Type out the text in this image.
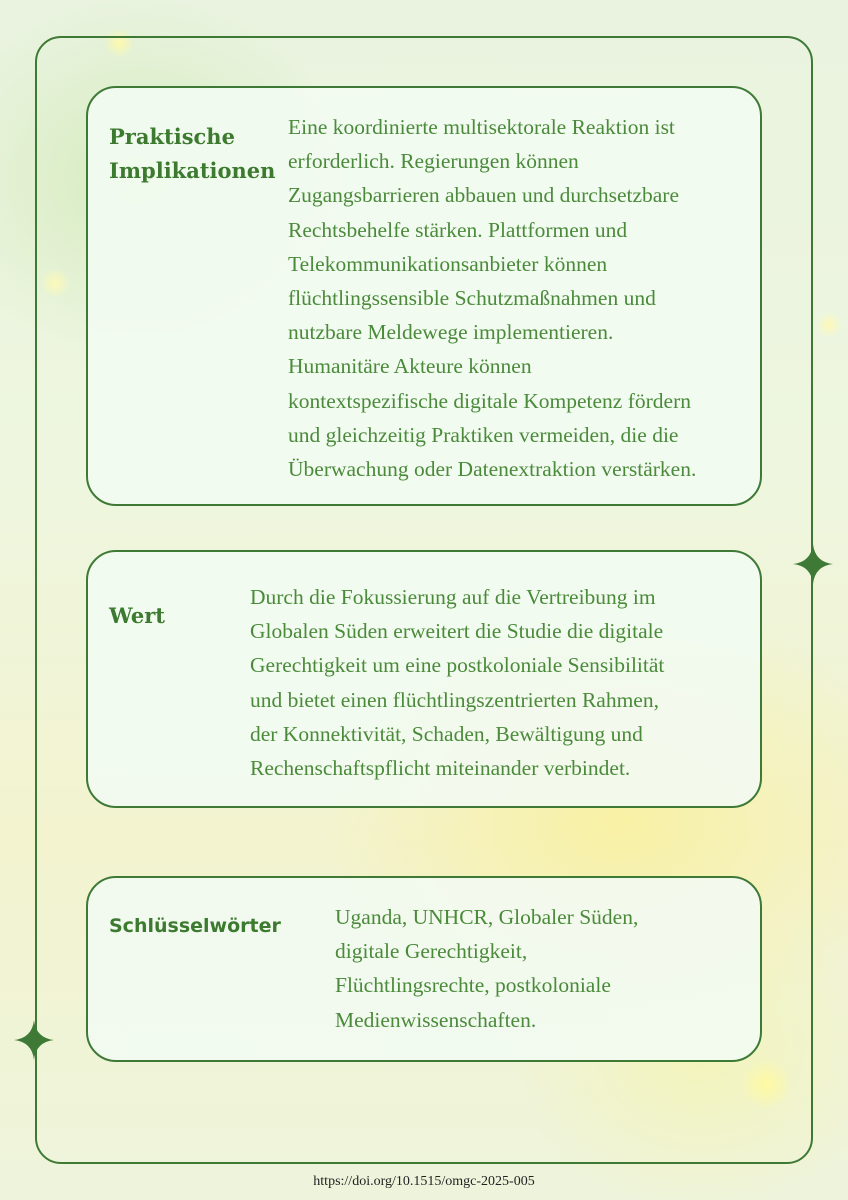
Praktische
Implikationen

Eine koordinierte multisektorale Reaktion ist
erforderlich. Regierungen können
Zugangsbarrieren abbauen und durchsetzbare
Rechtsbehelfe stärken. Plattformen und
Telekommunikationsanbieter können
flüchtlingssensible Schutzmaßnahmen und
nutzbare Meldewege implementieren.
Humanitäre Akteure können
kontextspezifische digitale Kompetenz fördern
und gleichzeitig Praktiken vermeiden, die die
Überwachung oder Datenextraktion verstärken.

Wert

Durch die Fokussierung auf die Vertreibung im
Globalen Süden erweitert die Studie die digitale
Gerechtigkeit um eine postkoloniale Sensibilität
und bietet einen flüchtlingszentrierten Rahmen,
der Konnektivität, Schaden, Bewältigung und
Rechenschaftspflicht miteinander verbindet.

Schlüsselwörter	Uganda, UNHCR, Globaler Süden,
digitale Gerechtigkeit,
Flüchtlingsrechte, postkoloniale
Medienwissenschaften.

https://doi.org/10.1515/omgc-2025-005
